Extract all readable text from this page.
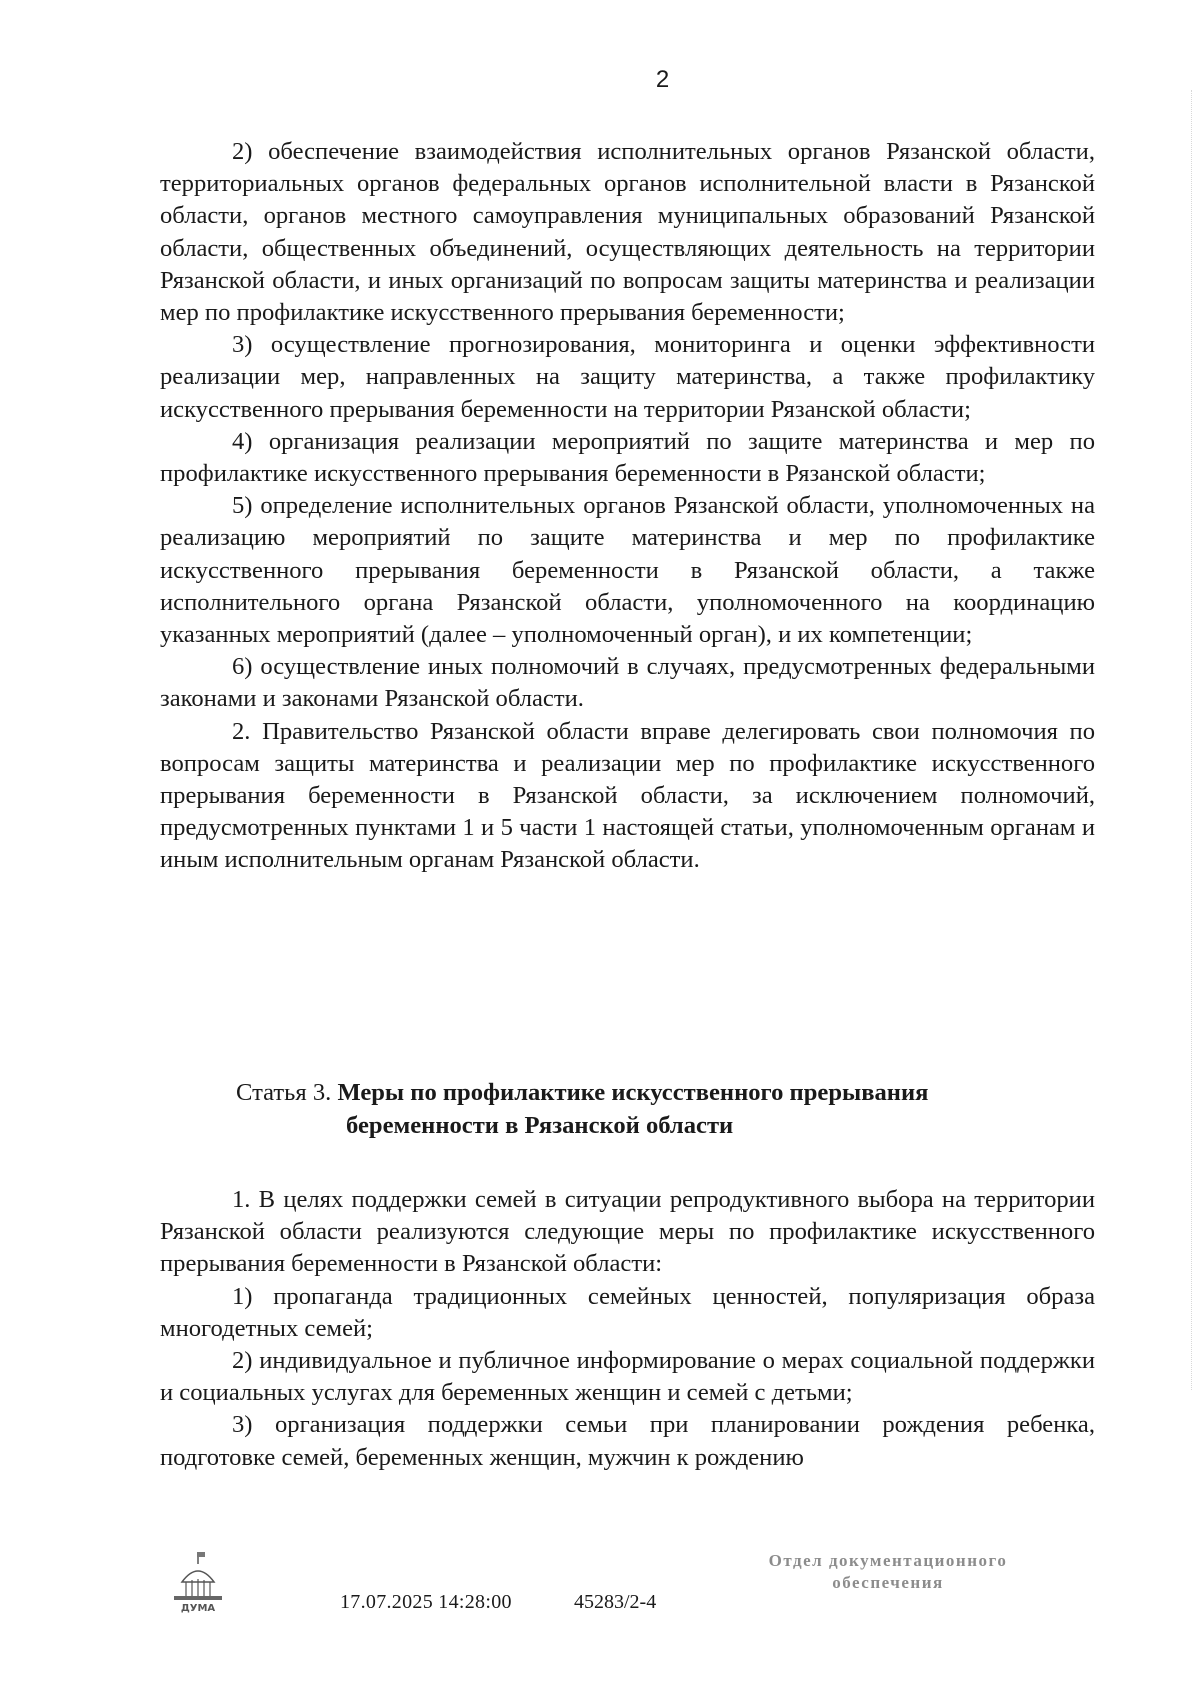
2

2) обеспечение взаимодействия исполнительных органов Рязанской области, территориальных органов федеральных органов исполнительной власти в Рязанской области, органов местного самоуправления муниципальных образований Рязанской области, общественных объединений, осуществляющих деятельность на территории Рязанской области, и иных организаций по вопросам защиты материнства и реализации мер по профилактике искусственного прерывания беременности;

3) осуществление прогнозирования, мониторинга и оценки эффективности реализации мер, направленных на защиту материнства, а также профилактику искусственного прерывания беременности на территории Рязанской области;

4) организация реализации мероприятий по защите материнства и мер по профилактике искусственного прерывания беременности в Рязанской области;

5) определение исполнительных органов Рязанской области, уполномоченных на реализацию мероприятий по защите материнства и мер по профилактике искусственного прерывания беременности в Рязанской области, а также исполнительного органа Рязанской области, уполномоченного на координацию указанных мероприятий (далее – уполномоченный орган), и их компетенции;

6) осуществление иных полномочий в случаях, предусмотренных федеральными законами и законами Рязанской области.

2. Правительство Рязанской области вправе делегировать свои полномочия по вопросам защиты материнства и реализации мер по профилактике искусственного прерывания беременности в Рязанской области, за исключением полномочий, предусмотренных пунктами 1 и 5 части 1 настоящей статьи, уполномоченным органам и иным исполнительным органам Рязанской области.

Статья 3. Меры по профилактике искусственного прерывания
беременности в Рязанской области

1. В целях поддержки семей в ситуации репродуктивного выбора на территории Рязанской области реализуются следующие меры по профилактике искусственного прерывания беременности в Рязанской области:

1) пропаганда традиционных семейных ценностей, популяризация образа многодетных семей;

2) индивидуальное и публичное информирование о мерах социальной поддержки и социальных услугах для беременных женщин и семей с детьми;

3) организация поддержки семьи при планировании рождения ребенка, подготовке семей, беременных женщин, мужчин к рождению

ДУМА	17.07.2025 14:28:00	45283/2-4
Отдел документационного
обеспечения
